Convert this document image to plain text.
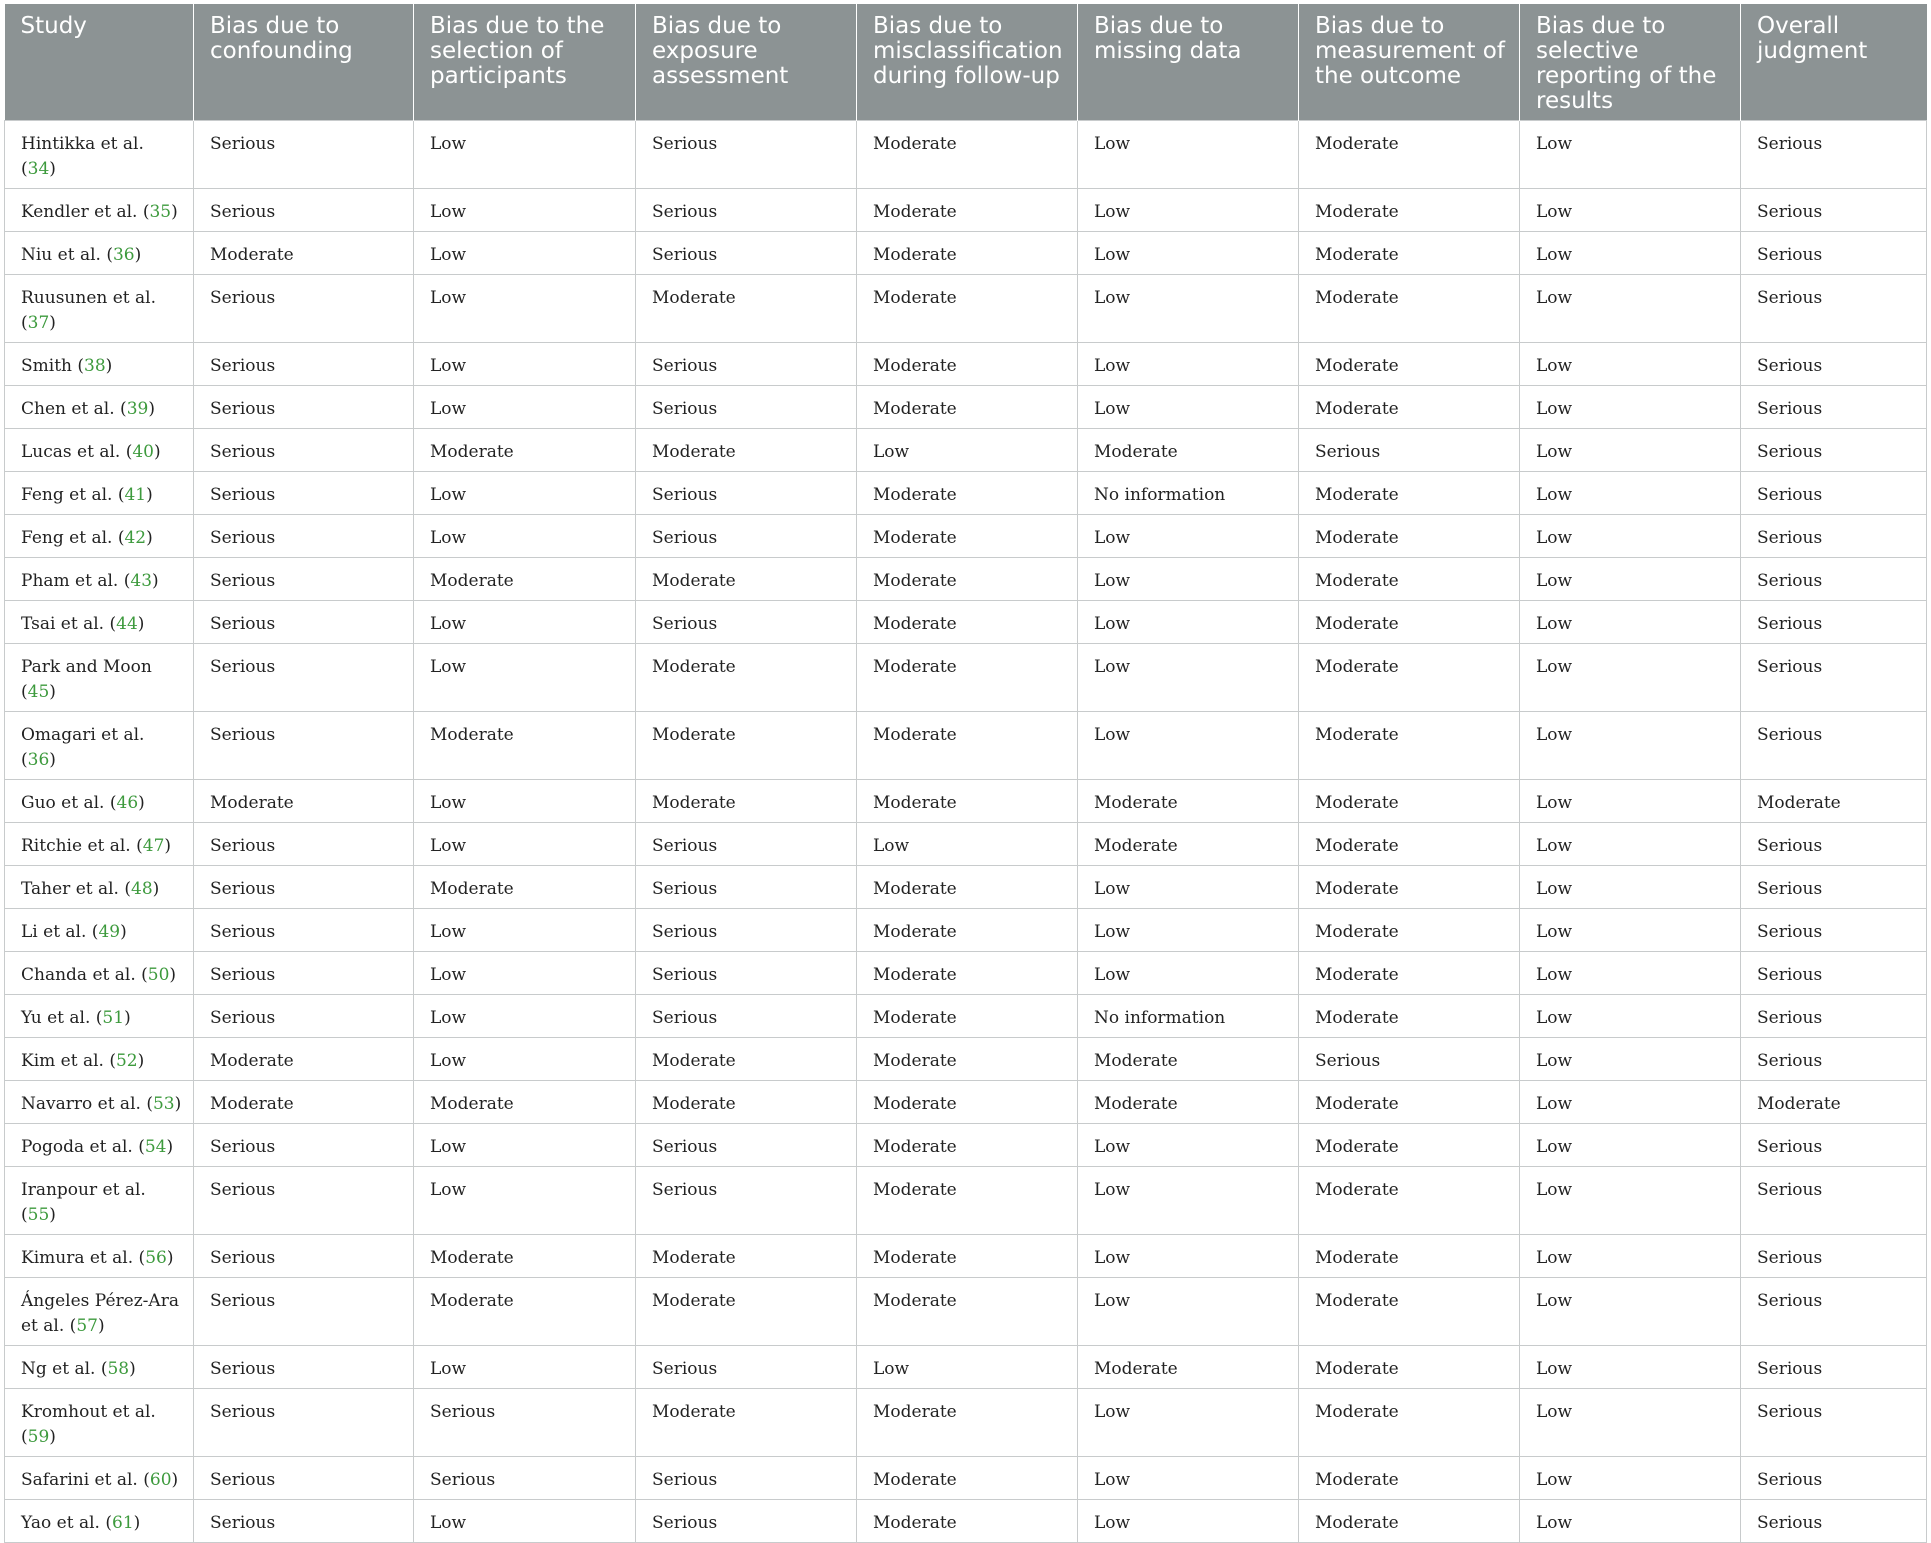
Study	Bias due to confounding	Bias due to the selection of participants	Bias due to exposure assessment	Bias due to misclassification during follow-up	Bias due to missing data	Bias due to measurement of the outcome	Bias due to selective reporting of the results	Overall judgment
Hintikka et al. (34)	Serious	Low	Serious	Moderate	Low	Moderate	Low	Serious
Kendler et al. (35)	Serious	Low	Serious	Moderate	Low	Moderate	Low	Serious
Niu et al. (36)	Moderate	Low	Serious	Moderate	Low	Moderate	Low	Serious
Ruusunen et al. (37)	Serious	Low	Moderate	Moderate	Low	Moderate	Low	Serious
Smith (38)	Serious	Low	Serious	Moderate	Low	Moderate	Low	Serious
Chen et al. (39)	Serious	Low	Serious	Moderate	Low	Moderate	Low	Serious
Lucas et al. (40)	Serious	Moderate	Moderate	Low	Moderate	Serious	Low	Serious
Feng et al. (41)	Serious	Low	Serious	Moderate	No information	Moderate	Low	Serious
Feng et al. (42)	Serious	Low	Serious	Moderate	Low	Moderate	Low	Serious
Pham et al. (43)	Serious	Moderate	Moderate	Moderate	Low	Moderate	Low	Serious
Tsai et al. (44)	Serious	Low	Serious	Moderate	Low	Moderate	Low	Serious
Park and Moon (45)	Serious	Low	Moderate	Moderate	Low	Moderate	Low	Serious
Omagari et al. (36)	Serious	Moderate	Moderate	Moderate	Low	Moderate	Low	Serious
Guo et al. (46)	Moderate	Low	Moderate	Moderate	Moderate	Moderate	Low	Moderate
Ritchie et al. (47)	Serious	Low	Serious	Low	Moderate	Moderate	Low	Serious
Taher et al. (48)	Serious	Moderate	Serious	Moderate	Low	Moderate	Low	Serious
Li et al. (49)	Serious	Low	Serious	Moderate	Low	Moderate	Low	Serious
Chanda et al. (50)	Serious	Low	Serious	Moderate	Low	Moderate	Low	Serious
Yu et al. (51)	Serious	Low	Serious	Moderate	No information	Moderate	Low	Serious
Kim et al. (52)	Moderate	Low	Moderate	Moderate	Moderate	Serious	Low	Serious
Navarro et al. (53)	Moderate	Moderate	Moderate	Moderate	Moderate	Moderate	Low	Moderate
Pogoda et al. (54)	Serious	Low	Serious	Moderate	Low	Moderate	Low	Serious
Iranpour et al. (55)	Serious	Low	Serious	Moderate	Low	Moderate	Low	Serious
Kimura et al. (56)	Serious	Moderate	Moderate	Moderate	Low	Moderate	Low	Serious
Ángeles Pérez-Ara et al. (57)	Serious	Moderate	Moderate	Moderate	Low	Moderate	Low	Serious
Ng et al. (58)	Serious	Low	Serious	Low	Moderate	Moderate	Low	Serious
Kromhout et al. (59)	Serious	Serious	Moderate	Moderate	Low	Moderate	Low	Serious
Safarini et al. (60)	Serious	Serious	Serious	Moderate	Low	Moderate	Low	Serious
Yao et al. (61)	Serious	Low	Serious	Moderate	Low	Moderate	Low	Serious
